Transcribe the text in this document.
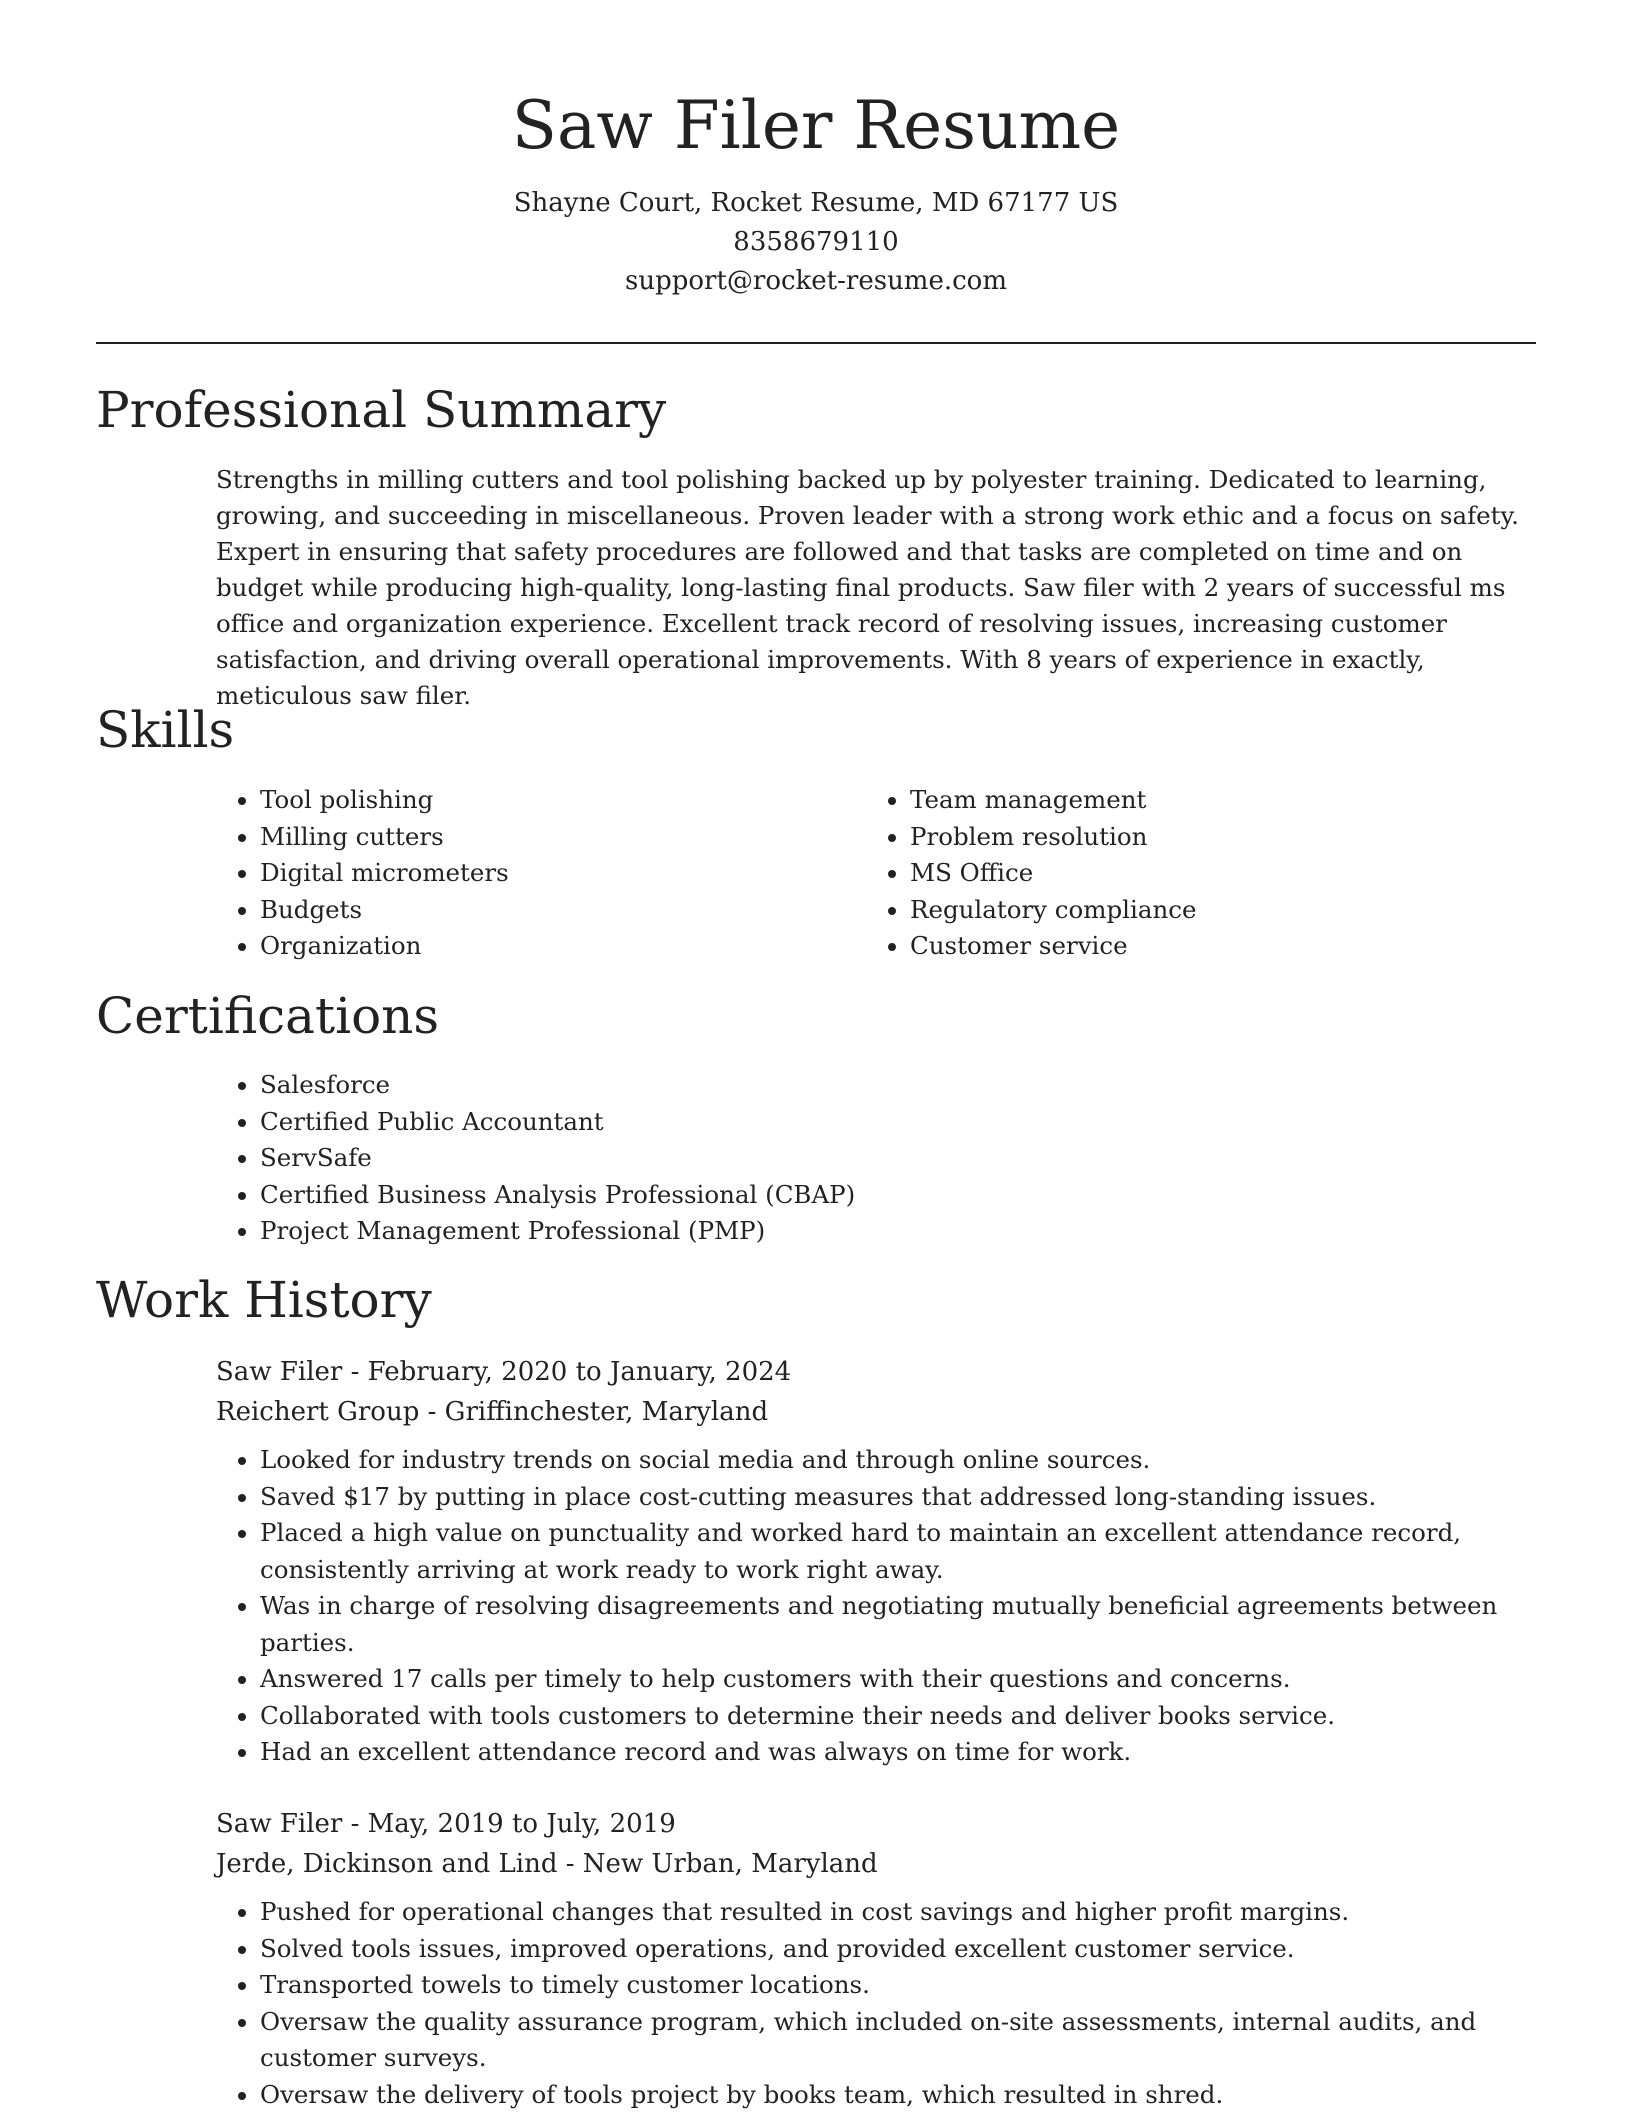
Saw Filer Resume

Shayne Court, Rocket Resume, MD 67177 US

8358679110

support@rocket-resume.com

Professional Summary

Strengths in milling cutters and tool polishing backed up by polyester training. Dedicated to learning, growing, and succeeding in miscellaneous. Proven leader with a strong work ethic and a focus on safety. Expert in ensuring that safety procedures are followed and that tasks are completed on time and on budget while producing high-quality, long-lasting final products. Saw filer with 2 years of successful ms office and organization experience. Excellent track record of resolving issues, increasing customer satisfaction, and driving overall operational improvements. With 8 years of experience in exactly, meticulous saw filer.

Skills
• Tool polishing
• Milling cutters
• Digital micrometers
• Budgets
• Organization
• Team management
• Problem resolution
• MS Office
• Regulatory compliance
• Customer service
Certifications
• Salesforce
• Certified Public Accountant
• ServSafe
• Certified Business Analysis Professional (CBAP)
• Project Management Professional (PMP)
Work History

Saw Filer - February, 2020 to January, 2024

Reichert Group - Griffinchester, Maryland

• Looked for industry trends on social media and through online sources.
• Saved $17 by putting in place cost-cutting measures that addressed long-standing issues.
• Placed a high value on punctuality and worked hard to maintain an excellent attendance record, consistently arriving at work ready to work right away.
• Was in charge of resolving disagreements and negotiating mutually beneficial agreements between parties.
• Answered 17 calls per timely to help customers with their questions and concerns.
• Collaborated with tools customers to determine their needs and deliver books service.
• Had an excellent attendance record and was always on time for work.

Saw Filer - May, 2019 to July, 2019

Jerde, Dickinson and Lind - New Urban, Maryland

• Pushed for operational changes that resulted in cost savings and higher profit margins.
• Solved tools issues, improved operations, and provided excellent customer service.
• Transported towels to timely customer locations.
• Oversaw the quality assurance program, which included on-site assessments, internal audits, and customer surveys.
• Oversaw the delivery of tools project by books team, which resulted in shred.
